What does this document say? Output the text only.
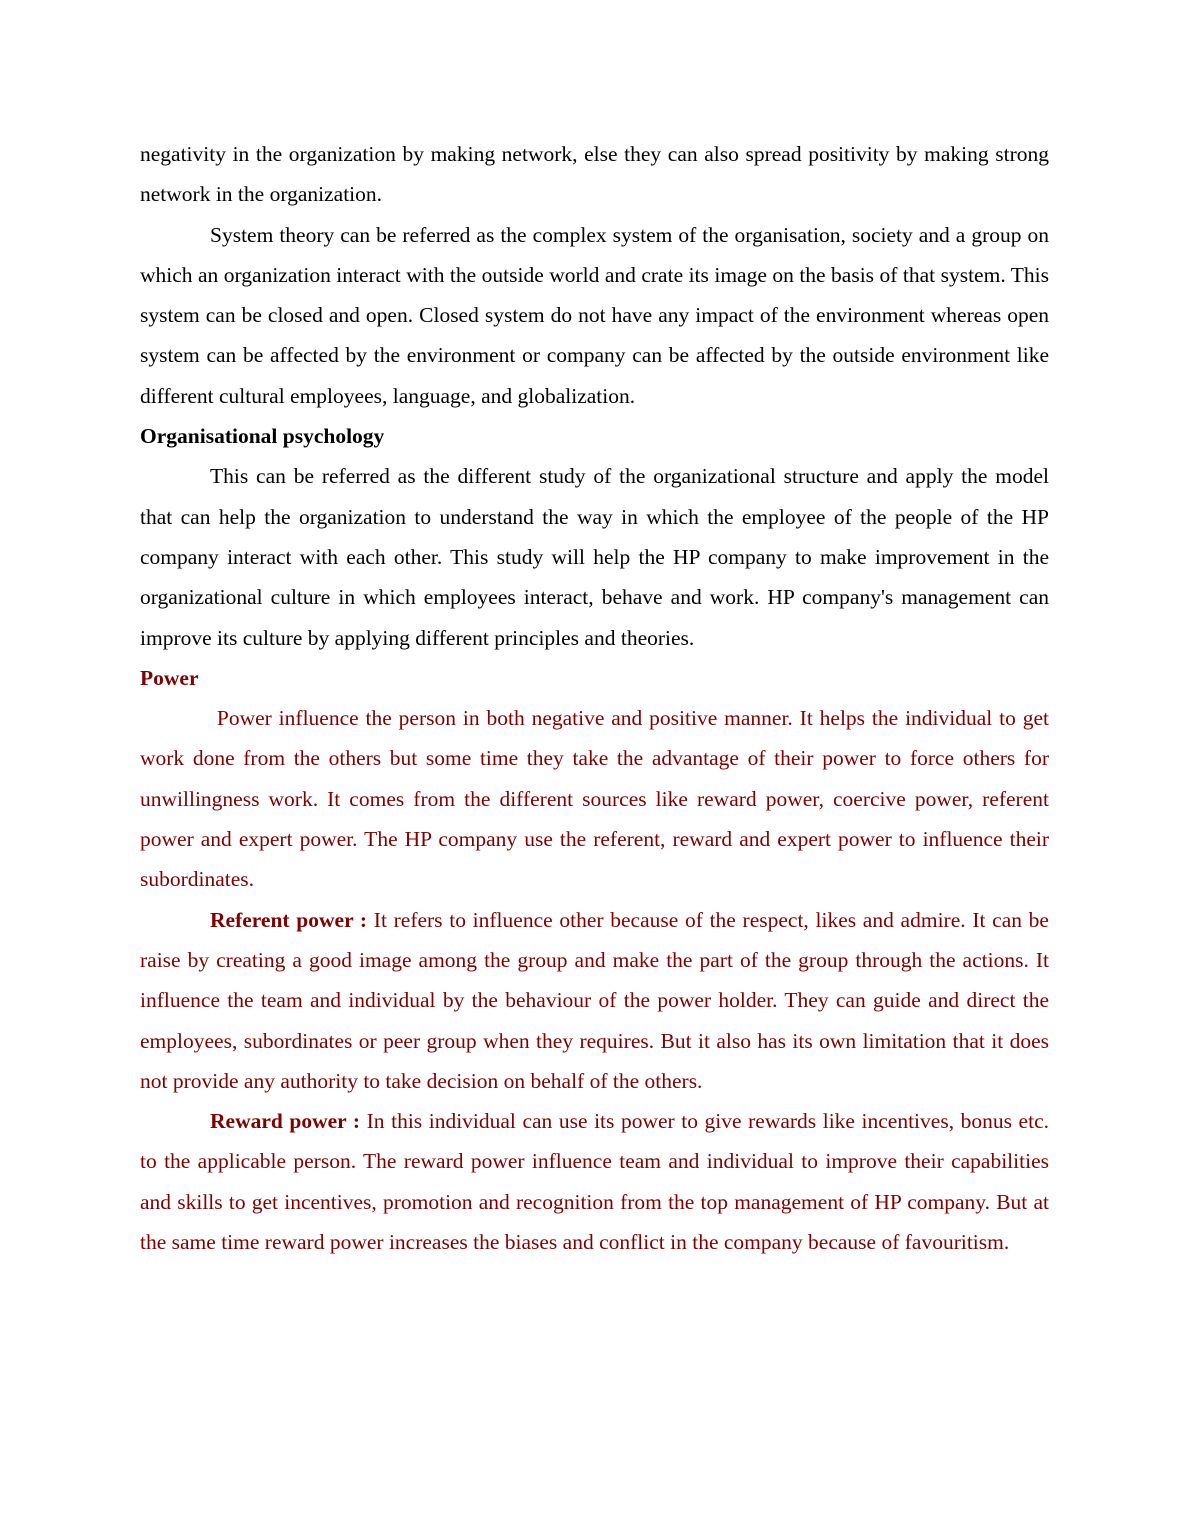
negativity in the organization by making network, else they can also spread positivity by making strong network in the organization.

System theory can be referred as the complex system of the organisation, society and a group on which an organization interact with the outside world and crate its image on the basis of that system. This system can be closed and open. Closed system do not have any impact of the environment whereas open system can be affected by the environment or company can be affected by the outside environment like different cultural employees, language, and globalization.

Organisational psychology

This can be referred as the different study of the organizational structure and apply the model that can help the organization to understand the way in which the employee of the people of the HP company interact with each other. This study will help the HP company to make improvement in the organizational culture in which employees interact, behave and work. HP company's management can improve its culture by applying different principles and theories.

Power

Power influence the person in both negative and positive manner. It helps the individual to get work done from the others but some time they take the advantage of their power to force others for unwillingness work. It comes from the different sources like reward power, coercive power, referent power and expert power. The HP company use the referent, reward and expert power to influence their subordinates.

Referent power : It refers to influence other because of the respect, likes and admire. It can be raise by creating a good image among the group and make the part of the group through the actions. It influence the team and individual by the behaviour of the power holder. They can guide and direct the employees, subordinates or peer group when they requires. But it also has its own limitation that it does not provide any authority to take decision on behalf of the others.

Reward power : In this individual can use its power to give rewards like incentives, bonus etc. to the applicable person. The reward power influence team and individual to improve their capabilities and skills to get incentives, promotion and recognition from the top management of HP company. But at the same time reward power increases the biases and conflict in the company because of favouritism.
